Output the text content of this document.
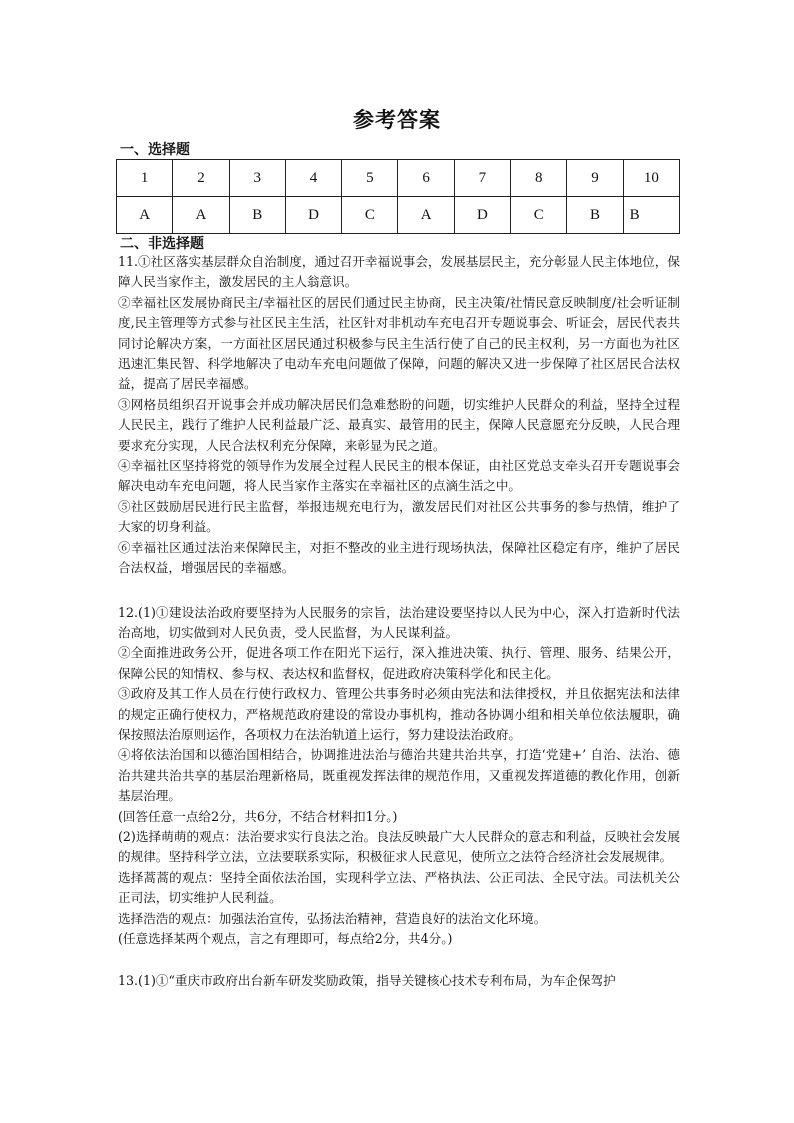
参考答案
一、选择题
1	2	3	4	5	6	7	8	9	10
A	A	B	D	C	A	D	C	B	B
二、非选择题

11.①社区落实基层群众自治制度，通过召开幸福说事会，发展基层民主，充分彰显人民主体地位，保障人民当家作主，激发居民的主人翁意识。

②幸福社区发展协商民主/幸福社区的居民们通过民主协商，民主决策/社情民意反映制度/社会听证制度,民主管理等方式参与社区民主生活，社区针对非机动车充电召开专题说事会、听证会，居民代表共同讨论解决方案，一方面社区居民通过积极参与民主生活行使了自己的民主权利，另一方面也为社区迅速汇集民智、科学地解决了电动车充电问题做了保障，问题的解决又进一步保障了社区居民合法权益，提高了居民幸福感。

③网格员组织召开说事会并成功解决居民们急难愁盼的问题，切实维护人民群众的利益，坚持全过程人民民主，践行了维护人民利益最广泛、最真实、最管用的民主，保障人民意愿充分反映，人民合理要求充分实现，人民合法权利充分保障，来彰显为民之道。

④幸福社区坚持将党的领导作为发展全过程人民民主的根本保证，由社区党总支牵头召开专题说事会解决电动车充电问题，将人民当家作主落实在幸福社区的点滴生活之中。

⑤社区鼓励居民进行民主监督，举报违规充电行为，激发居民们对社区公共事务的参与热情，维护了大家的切身利益。

⑥幸福社区通过法治来保障民主，对拒不整改的业主进行现场执法，保障社区稳定有序，维护了居民合法权益，增强居民的幸福感。

12.(1)①建设法治政府要坚持为人民服务的宗旨，法治建设要坚持以人民为中心，深入打造新时代法治高地，切实做到对人民负责，受人民监督，为人民谋利益。

②全面推进政务公开，促进各项工作在阳光下运行，深入推进决策、执行、管理、服务、结果公开，保障公民的知情权、参与权、表达权和监督权，促进政府决策科学化和民主化。

③政府及其工作人员在行使行政权力、管理公共事务时必须由宪法和法律授权，并且依据宪法和法律的规定正确行使权力，严格规范政府建设的常设办事机构，推动各协调小组和相关单位依法履职，确保按照法治原则运作，各项权力在法治轨道上运行，努力建设法治政府。

④将依法治国和以德治国相结合，协调推进法治与德治共建共治共享，打造‘党建+’ 自治、法治、德治共建共治共享的基层治理新格局，既重视发挥法律的规范作用，又重视发挥道德的教化作用，创新基层治理。

(回答任意一点给2分，共6分，不结合材料扣1分。)

(2)选择萌萌的观点：法治要求实行良法之治。良法反映最广大人民群众的意志和利益，反映社会发展的规律。坚持科学立法，立法要联系实际，积极征求人民意见，使所立之法符合经济社会发展规律。

选择蒿蒿的观点：坚持全面依法治国，实现科学立法、严格执法、公正司法、全民守法。司法机关公正司法，切实维护人民利益。

选择浩浩的观点：加强法治宣传，弘扬法治精神，营造良好的法治文化环境。

(任意选择某两个观点，言之有理即可，每点给2分，共4分。)

13.(1)①“重庆市政府出台新车研发奖励政策，指导关键核心技术专利布局，为车企保驾护
